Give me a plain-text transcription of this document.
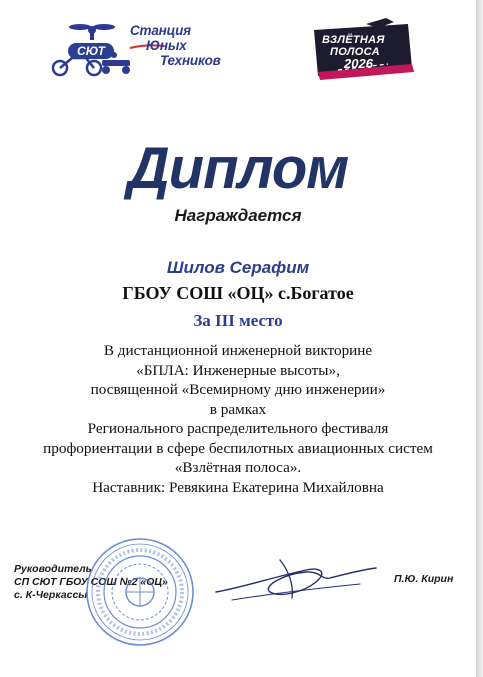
СЮТ
Станция
Юных
Техников
ВЗЛЁТНАЯ
ПОЛОСА
2026
Диплом
Награждается
Шилов Серафим
ГБОУ СОШ «ОЦ» с.Богатое
За III место
В дистанционной инженерной викторине
«БПЛА: Инженерные высоты»,
посвященной «Всемирному дню инженерии»
в рамках
Регионального распределительного фестиваля
профориентации в сфере беспилотных авиационных систем
«Взлётная полоса».
Наставник: Ревякина Екатерина Михайловна
Руководитель
СП СЮТ ГБОУ СОШ №2 «ОЦ»
с. К-Черкассы
П.Ю. Кирин
